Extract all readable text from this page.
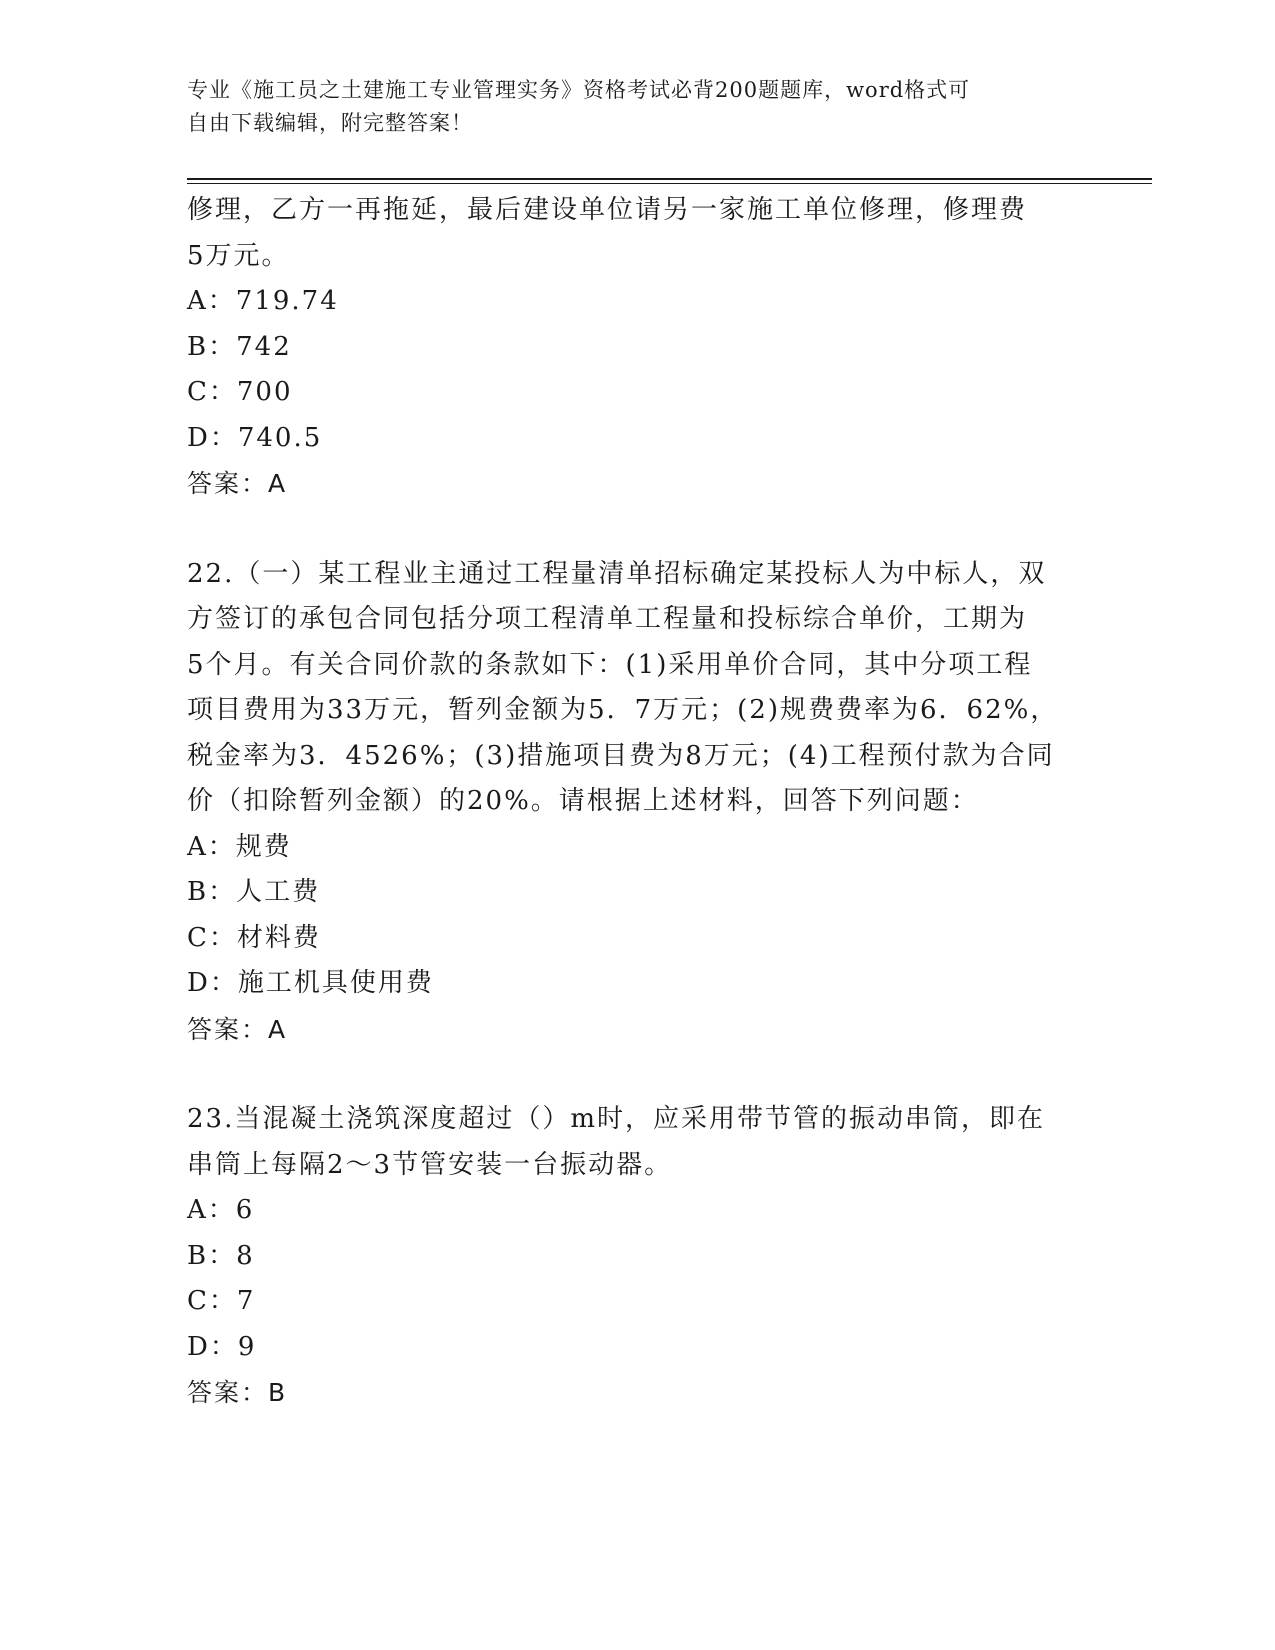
专业《施工员之土建施工专业管理实务》资格考试必背200题题库，word格式可
自由下载编辑，附完整答案！

修理，乙方一再拖延，最后建设单位请另一家施工单位修理，修理费

5万元。

A：719.74

B：742

C：700

D：740.5

答案：A

22.（一）某工程业主通过工程量清单招标确定某投标人为中标人，双

方签订的承包合同包括分项工程清单工程量和投标综合单价，工期为

5个月。有关合同价款的条款如下：(1)采用单价合同，其中分项工程

项目费用为33万元，暂列金额为5．7万元；(2)规费费率为6．62%，

税金率为3．4526%；(3)措施项目费为8万元；(4)工程预付款为合同

价（扣除暂列金额）的20%。请根据上述材料，回答下列问题：

A：规费

B：人工费

C：材料费

D：施工机具使用费

答案：A

23.当混凝土浇筑深度超过（）m时，应采用带节管的振动串筒，即在

串筒上每隔2～3节管安装一台振动器。

A：6

B：8

C：7

D：9

答案：B
